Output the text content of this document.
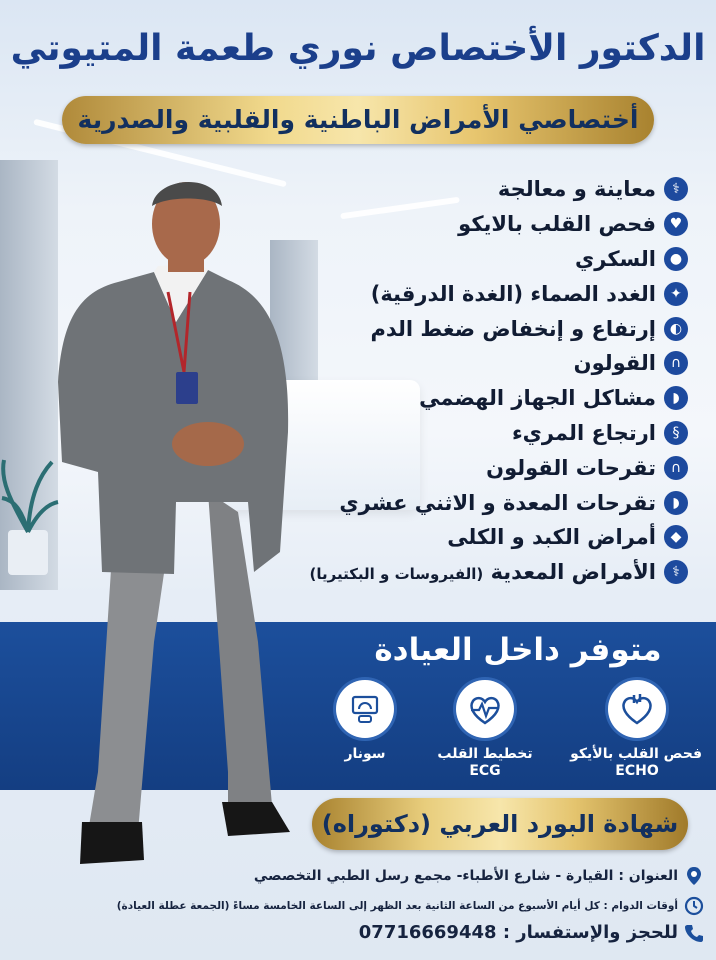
الدكتور الأختصاص نوري طعمة المتيوتي
أختصاصي الأمراض الباطنية والقلبية والصدرية
⚕
معاينة و معالجة
♥
فحص القلب بالايكو
●
السكري
✦
الغدد الصماء (الغدة الدرقية)
◐
إرتفاع و إنخفاض ضغط الدم
∩
القولون
◗
مشاكل الجهاز الهضمي
§
ارتجاع المريء
∩
تقرحات القولون
◗
تقرحات المعدة و الاثني عشري
◆
أمراض الكبد و الكلى
⚕
الأمراض المعدية (الفيروسات و البكتيريا)
متوفر داخل العيادة
فحص القلب بالأيكو
ECHO
تخطيط القلب
ECG
سونار
شهادة البورد العربي (دكتوراه)
العنوان : القيارة - شارع الأطباء- مجمع رسل الطبي التخصصي
أوقات الدوام : كل أيام الأسبوع من الساعة الثانية بعد الظهر إلى الساعة الخامسة مساءً (الجمعة عطلة العيادة)
للحجز والإستفسار : 07716669448
